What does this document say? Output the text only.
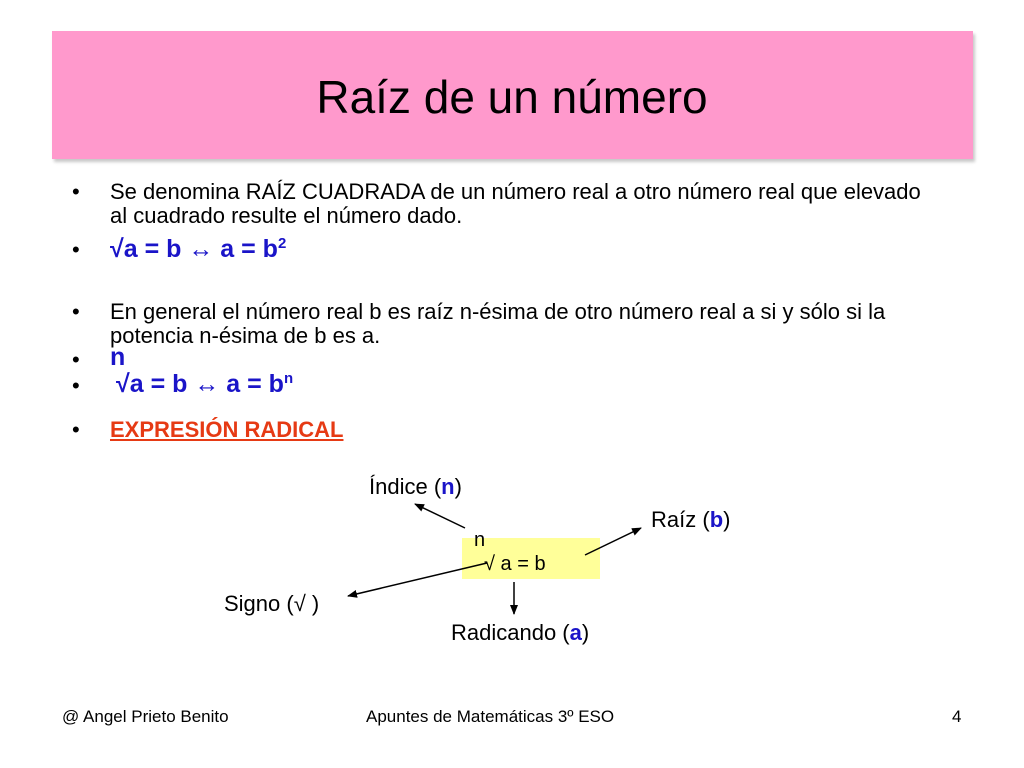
Raíz de un número
• Se denomina RAÍZ CUADRADA de un número real a otro número real que elevado al cuadrado resulte el número dado.
• √a = b ↔ $a = b^2$
• En general el número real b es raíz n-ésima de otro número real a si y sólo si la potencia n-ésima de b es a.
• n
• √a = b ↔ $a = b^n$
• EXPRESIÓN RADICAL
n
√ a = b
Índice (n)
Raíz (b)
Signo (√ )
Radicando (a)
@ Angel Prieto Benito	Apuntes de Matemáticas 3º ESO	4
